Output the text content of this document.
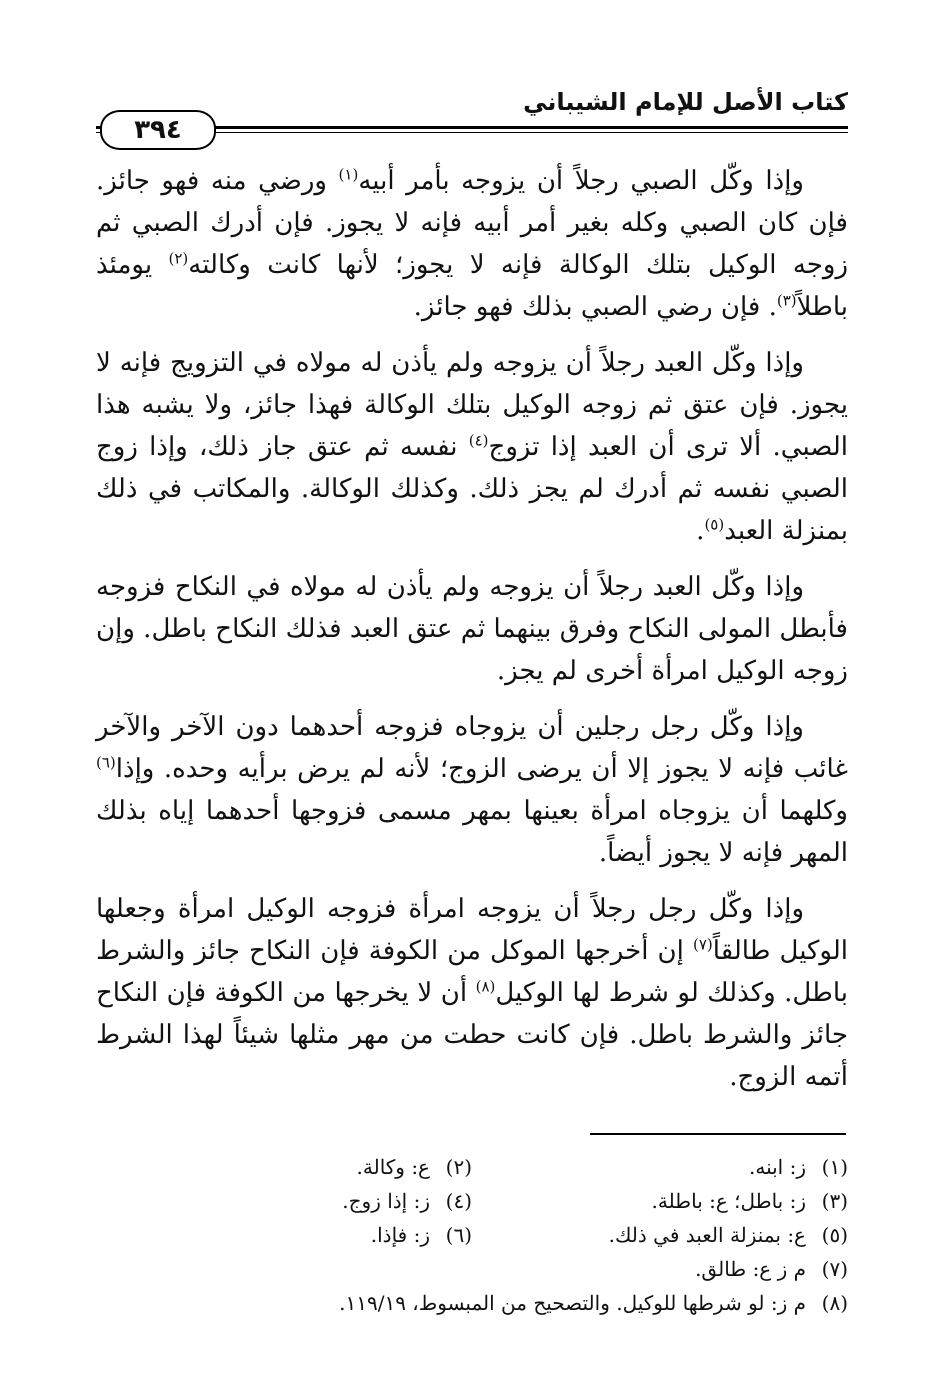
كتاب الأصل للإمام الشيباني
٣٩٤

وإذا وكّل الصبي رجلاً أن يزوجه بأمر أبيه$^{(١)}$ ورضي منه فهو جائز. فإن كان الصبي وكله بغير أمر أبيه فإنه لا يجوز. فإن أدرك الصبي ثم زوجه الوكيل بتلك الوكالة فإنه لا يجوز؛ لأنها كانت وكالته$^{(٢)}$ يومئذ باطلاً$^{(٣)}$. فإن رضي الصبي بذلك فهو جائز.

وإذا وكّل العبد رجلاً أن يزوجه ولم يأذن له مولاه في التزويج فإنه لا يجوز. فإن عتق ثم زوجه الوكيل بتلك الوكالة فهذا جائز، ولا يشبه هذا الصبي. ألا ترى أن العبد إذا تزوج$^{(٤)}$ نفسه ثم عتق جاز ذلك، وإذا زوج الصبي نفسه ثم أدرك لم يجز ذلك. وكذلك الوكالة. والمكاتب في ذلك بمنزلة العبد$^{(٥)}$.

وإذا وكّل العبد رجلاً أن يزوجه ولم يأذن له مولاه في النكاح فزوجه فأبطل المولى النكاح وفرق بينهما ثم عتق العبد فذلك النكاح باطل. وإن زوجه الوكيل امرأة أخرى لم يجز.

وإذا وكّل رجل رجلين أن يزوجاه فزوجه أحدهما دون الآخر والآخر غائب فإنه لا يجوز إلا أن يرضى الزوج؛ لأنه لم يرض برأيه وحده. وإذا$^{(٦)}$ وكلهما أن يزوجاه امرأة بعينها بمهر مسمى فزوجها أحدهما إياه بذلك المهر فإنه لا يجوز أيضاً.

وإذا وكّل رجل رجلاً أن يزوجه امرأة فزوجه الوكيل امرأة وجعلها الوكيل طالقاً$^{(٧)}$ إن أخرجها الموكل من الكوفة فإن النكاح جائز والشرط باطل. وكذلك لو شرط لها الوكيل$^{(٨)}$ أن لا يخرجها من الكوفة فإن النكاح جائز والشرط باطل. فإن كانت حطت من مهر مثلها شيئاً لهذا الشرط أتمه الزوج.

(١)ز: ابنه.
(٢)ع: وكالة.
(٣)ز: باطل؛ ع: باطلة.
(٤)ز: إذا زوج.
(٥)ع: بمنزلة العبد في ذلك.
(٦)ز: فإذا.
(٧)م ز ع: طالق.
(٨)م ز: لو شرطها للوكيل. والتصحيح من المبسوط، ١١٩/١٩.
